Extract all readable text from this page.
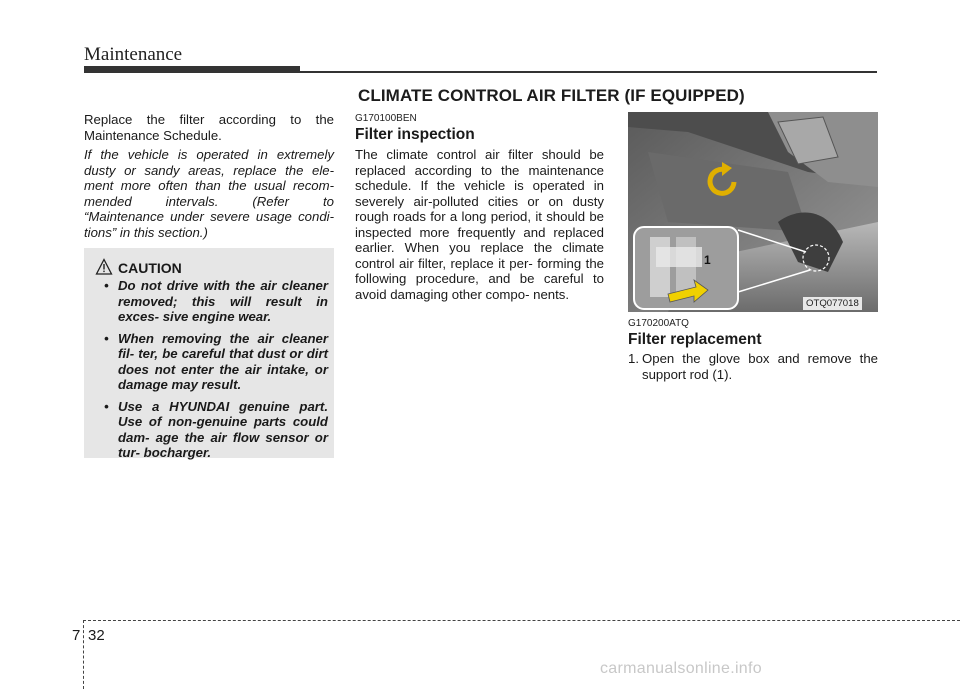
Maintenance
CLIMATE CONTROL AIR FILTER (IF EQUIPPED)

Replace the filter according to the Maintenance Schedule.

If the vehicle is operated in extremely
dusty or sandy areas, replace the ele-
ment more often than the usual recom-
mended intervals. (Refer to
“Maintenance under severe usage condi-
tions” in this section.)
CAUTION
• Do not drive with the air cleaner removed; this will result in exces- sive engine wear.
• When removing the air cleaner fil- ter, be careful that dust or dirt does not enter the air intake, or damage may result.
• Use a HYUNDAI genuine part. Use of non-genuine parts could dam- age the air flow sensor or tur- bocharger.
G170100BEN
Filter inspection
The climate control air filter should be replaced according to the maintenance schedule. If the vehicle is operated in severely air-polluted cities or on dusty rough roads for a long period, it should be inspected more frequently and replaced earlier. When you replace the climate control air filter, replace it per- forming the following procedure, and be careful to avoid damaging other compo- nents.
1
OTQ077018
G170200ATQ
Filter replacement
1. Open the glove box and remove the support rod (1).
7 32
carmanualsonline.info
